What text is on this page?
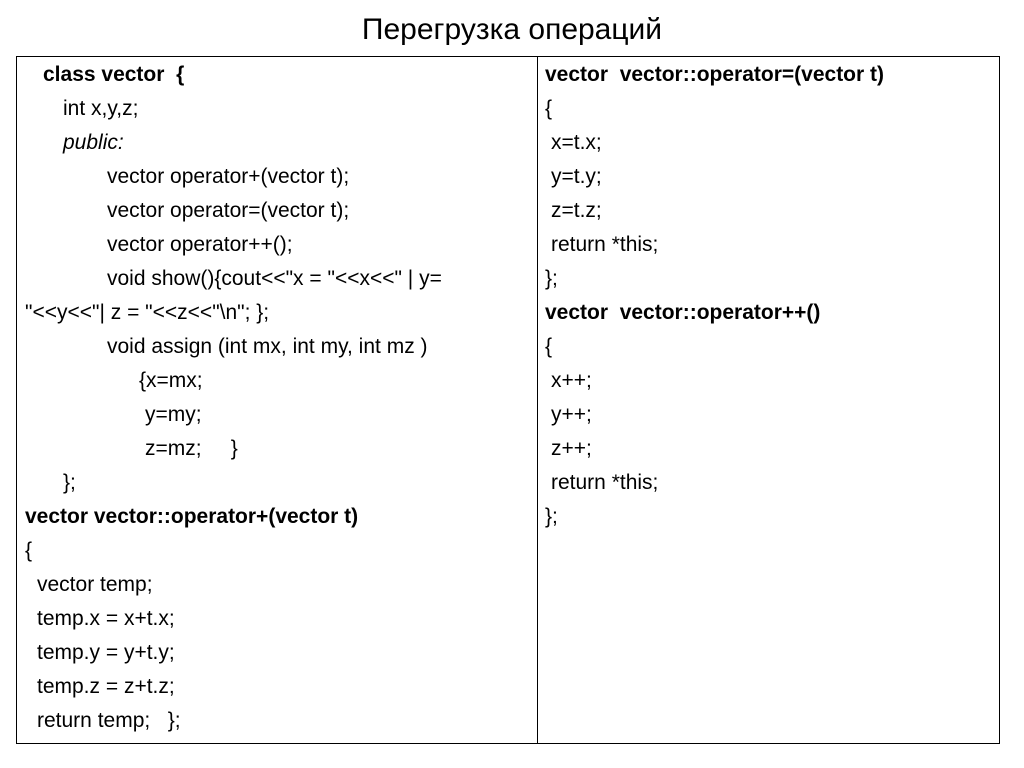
Перегрузка операций
class vector  {
int x,y,z;
public:
vector operator+(vector t);
vector operator=(vector t);
vector operator++();
void show(){cout<<"x = "<<x<<" | y=
"<<y<<"| z = "<<z<<"\n"; };
void assign (int mx, int my, int mz )
{x=mx;
y=my;
z=mz;     }
};
vector vector::operator+(vector t)
{
vector temp;
temp.x = x+t.x;
temp.y = y+t.y;
temp.z = z+t.z;
return temp;   };
vector  vector::operator=(vector t)
{
x=t.x;
y=t.y;
z=t.z;
return *this;
};
vector  vector::operator++()
{
x++;
y++;
z++;
return *this;
};
